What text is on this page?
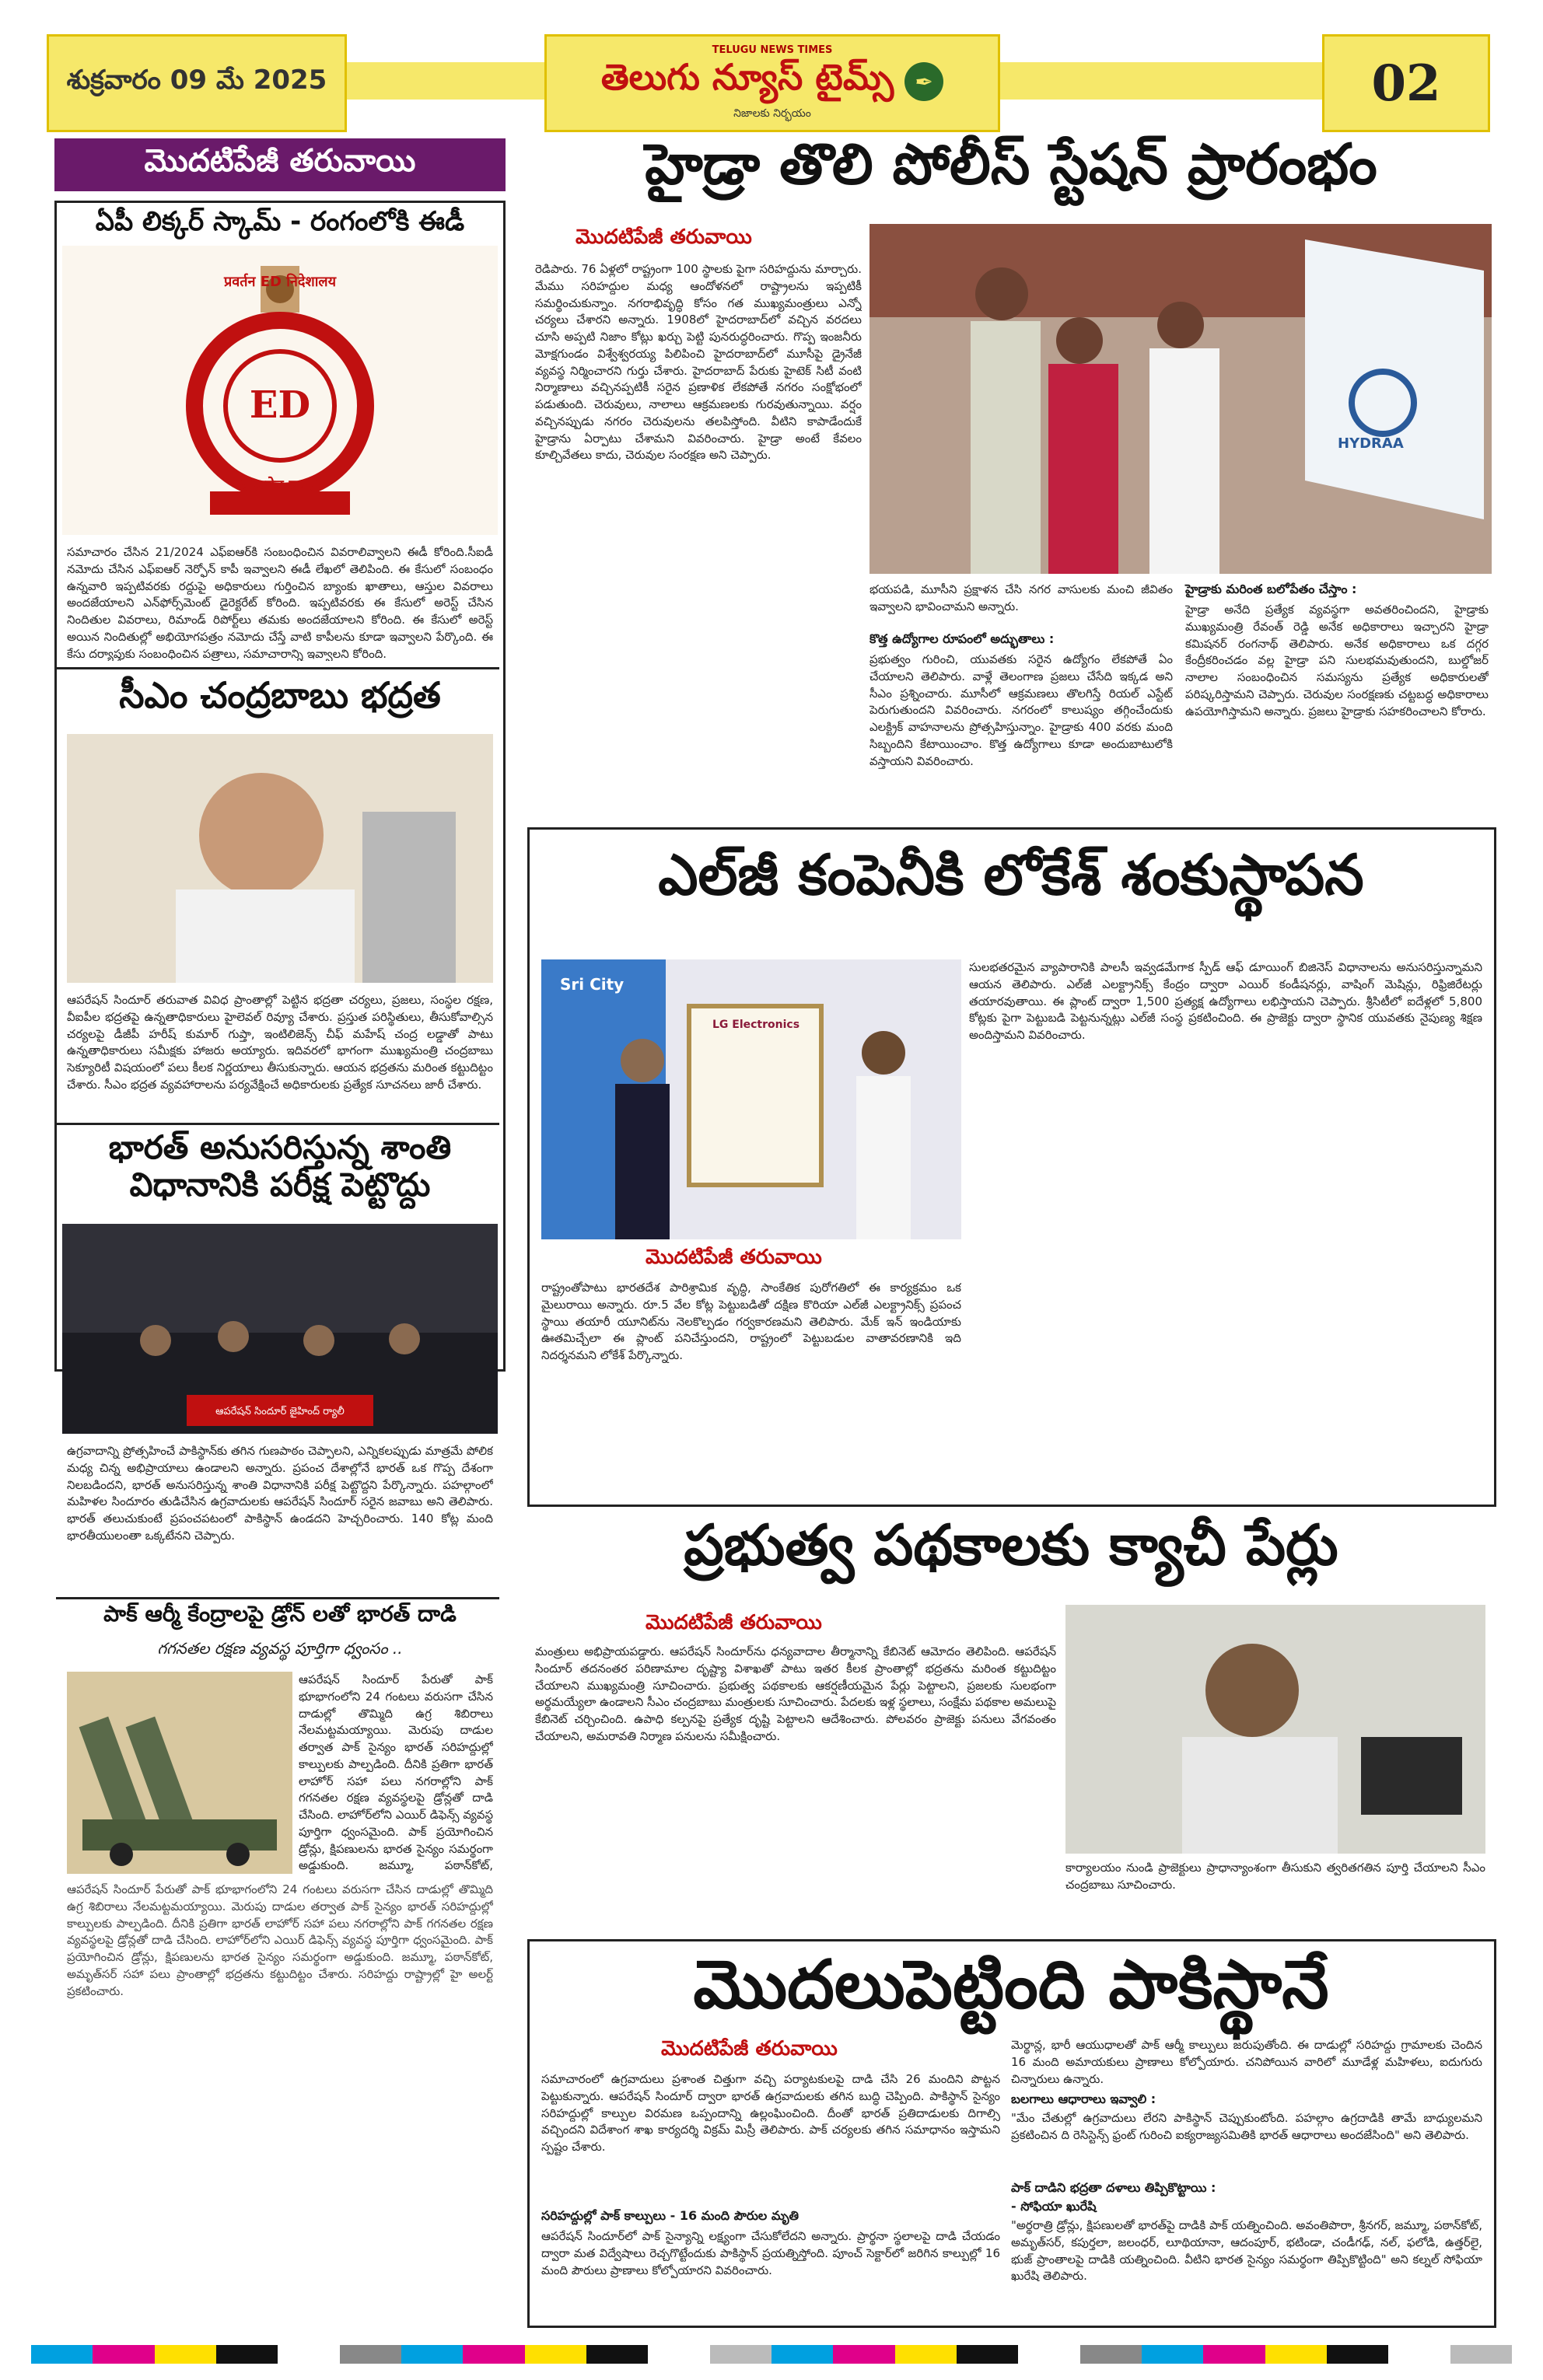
శుక్రవారం 09 మే 2025
TELUGU NEWS TIMES
తెలుగు న్యూస్ టైమ్స్ ✒
నిజాలకు నిర్భయం
02
మొదటిపేజీ తరువాయి
ఏపీ లిక్కర్ స్కామ్ - రంగంలోకి ఈడీ
ED
सत्यमेव जयते
प्रवर्तन ED निदेशालय
సమాచారం చేసిన 21/2024 ఎఫ్‌ఐఆర్‌కి సంబంధించిన వివరాలివ్వాలని ఈడీ కోరింది.సీఐడీ నమోదు చేసిన ఎఫ్‌ఐఆర్‌ నెర్ఫోన్‌ కాపీ ఇవ్వాలని ఈడీ లేఖలో తెలిపింది. ఈ కేసులో సంబంధం ఉన్నవారి ఇప్పటివరకు రద్దుపై అధికారులు గుర్తించిన బ్యాంకు ఖాతాలు, ఆస్తుల వివరాలు అందజేయాలని ఎన్‌ఫోర్స్‌మెంట్ డైరెక్టరేట్ కోరింది. ఇప్పటివరకు ఈ కేసులో అరెస్ట్ చేసిన నిందితుల వివరాలు, రిమాండ్ రిపోర్ట్‌లు తమకు అందజేయాలని కోరింది. ఈ కేసులో అరెస్ట్ అయిన నిందితుల్లో అభియోగపత్రం నమోదు చేస్తే వాటి కాపీలను కూడా ఇవ్వాలని పేర్కొంది. ఈ కేసు దర్యాప్తుకు సంబంధించిన పత్రాలు, సమాచారాన్ని ఇవ్వాలని కోరింది.
సీఎం చంద్రబాబు భద్రత
ఆపరేషన్ సిందూర్ తరువాత వివిధ ప్రాంతాల్లో పెట్టిన భద్రతా చర్యలు, ప్రజలు, సంస్థల రక్షణ, వీఐపీల భద్రతపై ఉన్నతాధికారులు హైలెవల్ రివ్యూ చేశారు. ప్రస్తుత పరిస్థితులు, తీసుకోవాల్సిన చర్యలపై డీజీపీ హరీష్ కుమార్ గుప్తా, ఇంటిలిజెన్స్ చీఫ్ మహేష్ చంద్ర లడ్డాతో పాటు ఉన్నతాధికారులు సమీక్షకు హాజరు అయ్యారు. ఇదివరలో భాగంగా ముఖ్యమంత్రి చంద్రబాబు సెక్యూరిటీ విషయంలో పలు కీలక నిర్ణయాలు తీసుకున్నారు. ఆయన భద్రతను మరింత కట్టుదిట్టం చేశారు. సీఎం భద్రత వ్యవహారాలను పర్యవేక్షించే అధికారులకు ప్రత్యేక సూచనలు జారీ చేశారు.
భారత్ అనుసరిస్తున్న శాంతి విధానానికి పరీక్ష పెట్టొద్దు
ఆపరేషన్ సిందూర్ జైహింద్ ర్యాలీ
ఉగ్రవాదాన్ని ప్రోత్సహించే పాకిస్థాన్‌కు తగిన గుణపాఠం చెప్పాలని, ఎన్నికలప్పుడు మాత్రమే పోలిక మధ్య చిన్న అభిప్రాయాలు ఉండాలని అన్నారు. ప్రపంచ దేశాల్లోనే భారత్ ఒక గొప్ప దేశంగా నిలబడిందని, భారత్ అనుసరిస్తున్న శాంతి విధానానికి పరీక్ష పెట్టొద్దని పేర్కొన్నారు. పహల్గాంలో మహిళల సిందూరం తుడిచేసిన ఉగ్రవాదులకు ఆపరేషన్ సిందూర్ సరైన జవాబు అని తెలిపారు. భారత్ తలుచుకుంటే ప్రపంచపటంలో పాకిస్థాన్ ఉండదని హెచ్చరించారు. 140 కోట్ల మంది భారతీయులంతా ఒక్కటేనని చెప్పారు.
పాక్ ఆర్మీ కేంద్రాలపై డ్రోన్ లతో భారత్ దాడి
గగనతల రక్షణ వ్యవస్థ పూర్తిగా ధ్వంసం ..
ఆపరేషన్ సిందూర్ పేరుతో పాక్ భూభాగంలోని 24 గంటలు వరుసగా చేసిన దాడుల్లో తొమ్మిది ఉగ్ర శిబిరాలు నేలమట్టమయ్యాయి. మెరుపు దాడుల తర్వాత పాక్ సైన్యం భారత్ సరిహద్దుల్లో కాల్పులకు పాల్పడింది. దీనికి ప్రతిగా భారత్ లాహోర్ సహా పలు నగరాల్లోని పాక్ గగనతల రక్షణ వ్యవస్థలపై డ్రోన్లతో దాడి చేసింది. లాహోర్‌లోని ఎయిర్ డిఫెన్స్ వ్యవస్థ పూర్తిగా ధ్వంసమైంది. పాక్ ప్రయోగించిన డ్రోన్లు, క్షిపణులను భారత సైన్యం సమర్థంగా అడ్డుకుంది. జమ్మూ, పఠాన్‌కోట్,
ఆపరేషన్ సిందూర్ పేరుతో పాక్ భూభాగంలోని 24 గంటలు వరుసగా చేసిన దాడుల్లో తొమ్మిది ఉగ్ర శిబిరాలు నేలమట్టమయ్యాయి. మెరుపు దాడుల తర్వాత పాక్ సైన్యం భారత్ సరిహద్దుల్లో కాల్పులకు పాల్పడింది. దీనికి ప్రతిగా భారత్ లాహోర్ సహా పలు నగరాల్లోని పాక్ గగనతల రక్షణ వ్యవస్థలపై డ్రోన్లతో దాడి చేసింది. లాహోర్‌లోని ఎయిర్ డిఫెన్స్ వ్యవస్థ పూర్తిగా ధ్వంసమైంది. పాక్ ప్రయోగించిన డ్రోన్లు, క్షిపణులను భారత సైన్యం సమర్థంగా అడ్డుకుంది. జమ్మూ, పఠాన్‌కోట్, అమృత్‌సర్ సహా పలు ప్రాంతాల్లో భద్రతను కట్టుదిట్టం చేశారు. సరిహద్దు రాష్ట్రాల్లో హై అలర్ట్ ప్రకటించారు.
హైడ్రా తొలి పోలీస్ స్టేషన్ ప్రారంభం
మొదటిపేజీ తరువాయి
రెడిపారు. 76 ఏళ్లలో రాష్ట్రంగా 100 స్థాలకు పైగా సరిహద్దును మార్చారు. మేము సరిహద్దుల మధ్య ఆందోళనలో రాష్ట్రాలను ఇప్పటికీ సమర్థించుకున్నాం. నగరాభివృద్ధి కోసం గత ముఖ్యమంత్రులు ఎన్నో చర్యలు చేశారని అన్నారు. 1908లో హైదరాబాద్‌లో వచ్చిన వరదలు చూసి అప్పటి నిజాం కోట్లు ఖర్చు పెట్టి పునరుద్ధరించారు. గొప్ప ఇంజనీరు మోక్షగుండం విశ్వేశ్వరయ్య పిలిపించి హైదరాబాద్‌లో మూసీపై డ్రైనేజీ వ్యవస్థ నిర్మించారని గుర్తు చేశారు. హైదరాబాద్ పేరుకు హైటెక్ సిటీ వంటి నిర్మాణాలు వచ్చినప్పటికీ సరైన ప్రణాళిక లేకపోతే నగరం సంక్షోభంలో పడుతుంది. చెరువులు, నాలాలు ఆక్రమణలకు గురవుతున్నాయి. వర్షం వచ్చినప్పుడు నగరం చెరువులను తలపిస్తోంది. వీటిని కాపాడేందుకే హైడ్రాను ఏర్పాటు చేశామని వివరించారు. హైడ్రా అంటే కేవలం కూల్చివేతలు కాదు, చెరువుల సంరక్షణ అని చెప్పారు.
HYDRAA
భయపడి, మూసీని ప్రక్షాళన చేసి నగర వాసులకు మంచి జీవితం ఇవ్వాలని భావించామని అన్నారు.
కొత్త ఉద్యోగాల రూపంలో అద్భుతాలు :
ప్రభుత్వం గురించి, యువతకు సరైన ఉద్యోగం లేకపోతే ఏం చేయాలని తెలిపారు. వాళ్లే తెలంగాణ ప్రజలు చేసేది ఇక్కడ అని సీఎం ప్రశ్నించారు. మూసీలో ఆక్రమణలు తొలగిస్తే రియల్ ఎస్టేట్ పెరుగుతుందని వివరించారు. నగరంలో కాలుష్యం తగ్గించేందుకు ఎలక్ట్రిక్ వాహనాలను ప్రోత్సహిస్తున్నాం. హైడ్రాకు 400 వరకు మంది సిబ్బందిని కేటాయించాం. కొత్త ఉద్యోగాలు కూడా అందుబాటులోకి వస్తాయని వివరించారు.
హైడ్రాకు మరింత బలోపేతం చేస్తాం :
హైడ్రా అనేది ప్రత్యేక వ్యవస్థగా అవతరించిందని, హైడ్రాకు ముఖ్యమంత్రి రేవంత్ రెడ్డి అనేక అధికారాలు ఇచ్చారని హైడ్రా కమిషనర్ రంగనాథ్ తెలిపారు. అనేక అధికారాలు ఒక దగ్గర కేంద్రీకరించడం వల్ల హైడ్రా పని సులభమవుతుందని, బుల్డోజర్ నాలాల సంబంధించిన సమస్యను ప్రత్యేక అధికారులతో పరిష్కరిస్తామని చెప్పారు. చెరువుల సంరక్షణకు చట్టబద్ధ అధికారాలు ఉపయోగిస్తామని అన్నారు. ప్రజలు హైడ్రాకు సహకరించాలని కోరారు.
ఎల్‌జీ కంపెనీకి లోకేశ్ శంకుస్థాపన
Sri City
LG Electronics
మొదటిపేజీ తరువాయి
రాష్ట్రంతోపాటు భారతదేశ పారిశ్రామిక వృద్ధి, సాంకేతిక పురోగతిలో ఈ కార్యక్రమం ఒక మైలురాయి అన్నారు. రూ.5 వేల కోట్ల పెట్టుబడితో దక్షిణ కొరియా ఎల్‌జీ ఎలక్ట్రానిక్స్ ప్రపంచ స్థాయి తయారీ యూనిట్‌ను నెలకొల్పడం గర్వకారణమని తెలిపారు. మేక్ ఇన్ ఇండియాకు ఊతమిచ్చేలా ఈ ప్లాంట్ పనిచేస్తుందని, రాష్ట్రంలో పెట్టుబడుల వాతావరణానికి ఇది నిదర్శనమని లోకేశ్ పేర్కొన్నారు.
సులభతరమైన వ్యాపారానికి పాలసీ ఇవ్వడమేగాక స్పీడ్ ఆఫ్ డూయింగ్ బిజినెస్ విధానాలను అనుసరిస్తున్నామని ఆయన తెలిపారు. ఎల్‌జీ ఎలక్ట్రానిక్స్ కేంద్రం ద్వారా ఎయిర్ కండీషనర్లు, వాషింగ్ మెషిన్లు, రిఫ్రిజిరేటర్లు తయారవుతాయి. ఈ ప్లాంట్ ద్వారా 1,500 ప్రత్యక్ష ఉద్యోగాలు లభిస్తాయని చెప్పారు. శ్రీసిటీలో ఐదేళ్లలో 5,800 కోట్లకు పైగా పెట్టుబడి పెట్టనున్నట్లు ఎల్‌జీ సంస్థ ప్రకటించింది. ఈ ప్రాజెక్టు ద్వారా స్థానిక యువతకు నైపుణ్య శిక్షణ అందిస్తామని వివరించారు.
ప్రభుత్వ పథకాలకు క్యాచీ పేర్లు
మొదటిపేజీ తరువాయి
మంత్రులు అభిప్రాయపడ్డారు. ఆపరేషన్ సిందూర్‌ను ధన్యవాదాల తీర్మానాన్ని కేబినెట్ ఆమోదం తెలిపింది. ఆపరేషన్ సిందూర్ తదనంతర పరిణామాల దృష్ట్యా విశాఖతో పాటు ఇతర కీలక ప్రాంతాల్లో భద్రతను మరింత కట్టుదిట్టం చేయాలని ముఖ్యమంత్రి సూచించారు. ప్రభుత్వ పథకాలకు ఆకర్షణీయమైన పేర్లు పెట్టాలని, ప్రజలకు సులభంగా అర్థమయ్యేలా ఉండాలని సీఎం చంద్రబాబు మంత్రులకు సూచించారు. పేదలకు ఇళ్ల స్థలాలు, సంక్షేమ పథకాల అమలుపై కేబినెట్ చర్చించింది. ఉపాధి కల్పనపై ప్రత్యేక దృష్టి పెట్టాలని ఆదేశించారు. పోలవరం ప్రాజెక్టు పనులు వేగవంతం చేయాలని, అమరావతి నిర్మాణ పనులను సమీక్షించారు.
కార్యాలయం నుండి ప్రాజెక్టులు ప్రాధాన్యాంశంగా తీసుకుని త్వరితగతిన పూర్తి చేయాలని సీఎం చంద్రబాబు సూచించారు.
మొదలుపెట్టింది పాకిస్థానే
మొదటిపేజీ తరువాయి
సమాచారంలో ఉగ్రవాదులు ప్రశాంత చిత్తుగా వచ్చి పర్యాటకులపై దాడి చేసి 26 మందిని పొట్టన పెట్టుకున్నారు. ఆపరేషన్ సిందూర్ ద్వారా భారత్ ఉగ్రవాదులకు తగిన బుద్ధి చెప్పింది. పాకిస్థాన్ సైన్యం సరిహద్దుల్లో కాల్పుల విరమణ ఒప్పందాన్ని ఉల్లంఘించింది. దీంతో భారత్ ప్రతిదాడులకు దిగాల్సి వచ్చిందని విదేశాంగ శాఖ కార్యదర్శి విక్రమ్ మిస్రీ తెలిపారు. పాక్ చర్యలకు తగిన సమాధానం ఇస్తామని స్పష్టం చేశారు.
సరిహద్దుల్లో పాక్ కాల్పులు - 16 మంది పౌరుల మృతి
ఆపరేషన్ సిందూర్‌లో పాక్ సైన్యాన్ని లక్ష్యంగా చేసుకోలేదని అన్నారు. ప్రార్థనా స్థలాలపై దాడి చేయడం ద్వారా మత విద్వేషాలు రెచ్చగొట్టేందుకు పాకిస్థాన్ ప్రయత్నిస్తోంది. పూంచ్ సెక్టార్‌లో జరిగిన కాల్పుల్లో 16 మంది పౌరులు ప్రాణాలు కోల్పోయారని వివరించారు.
మెర్థాన్ల, భారీ ఆయుధాలతో పాక్ ఆర్మీ కాల్పులు జరుపుతోంది. ఈ దాడుల్లో సరిహద్దు గ్రామాలకు చెందిన 16 మంది అమాయకులు ప్రాణాలు కోల్పోయారు. చనిపోయిన వారిలో మూడేళ్ల మహిళలు, ఐదుగురు చిన్నారులు ఉన్నారు.
బలగాలు ఆధారాలు ఇవ్వాలి :
"మేం చేతుల్లో ఉగ్రవాదులు లేరని పాకిస్థాన్ చెప్పుకుంటోంది. పహల్గాం ఉగ్రదాడికి తామే బాధ్యులమని ప్రకటించిన ది రెసిస్టెన్స్ ఫ్రంట్ గురించి ఐక్యరాజ్యసమితికి భారత్ ఆధారాలు అందజేసింది" అని తెలిపారు.
పాక్ దాడిని భద్రతా దళాలు తిప్పికొట్టాయి :
- సోఫియా ఖురేషి
"అర్థరాత్రి డ్రోన్లు, క్షిపణులతో భారత్‌పై దాడికి పాక్ యత్నించింది. అవంతిపొరా, శ్రీనగర్, జమ్మూ, పఠాన్‌కోట్, అమృత్‌సర్, కపుర్తలా, జలంధర్, లూథియానా, ఆదంపూర్, భటిండా, చండీగఢ్, నల్, ఫలోడి, ఉత్తర్‌లై, భుజ్ ప్రాంతాలపై దాడికి యత్నించింది. వీటిని భారత సైన్యం సమర్థంగా తిప్పికొట్టింది" అని కల్నల్ సోఫియా ఖురేషి తెలిపారు.
